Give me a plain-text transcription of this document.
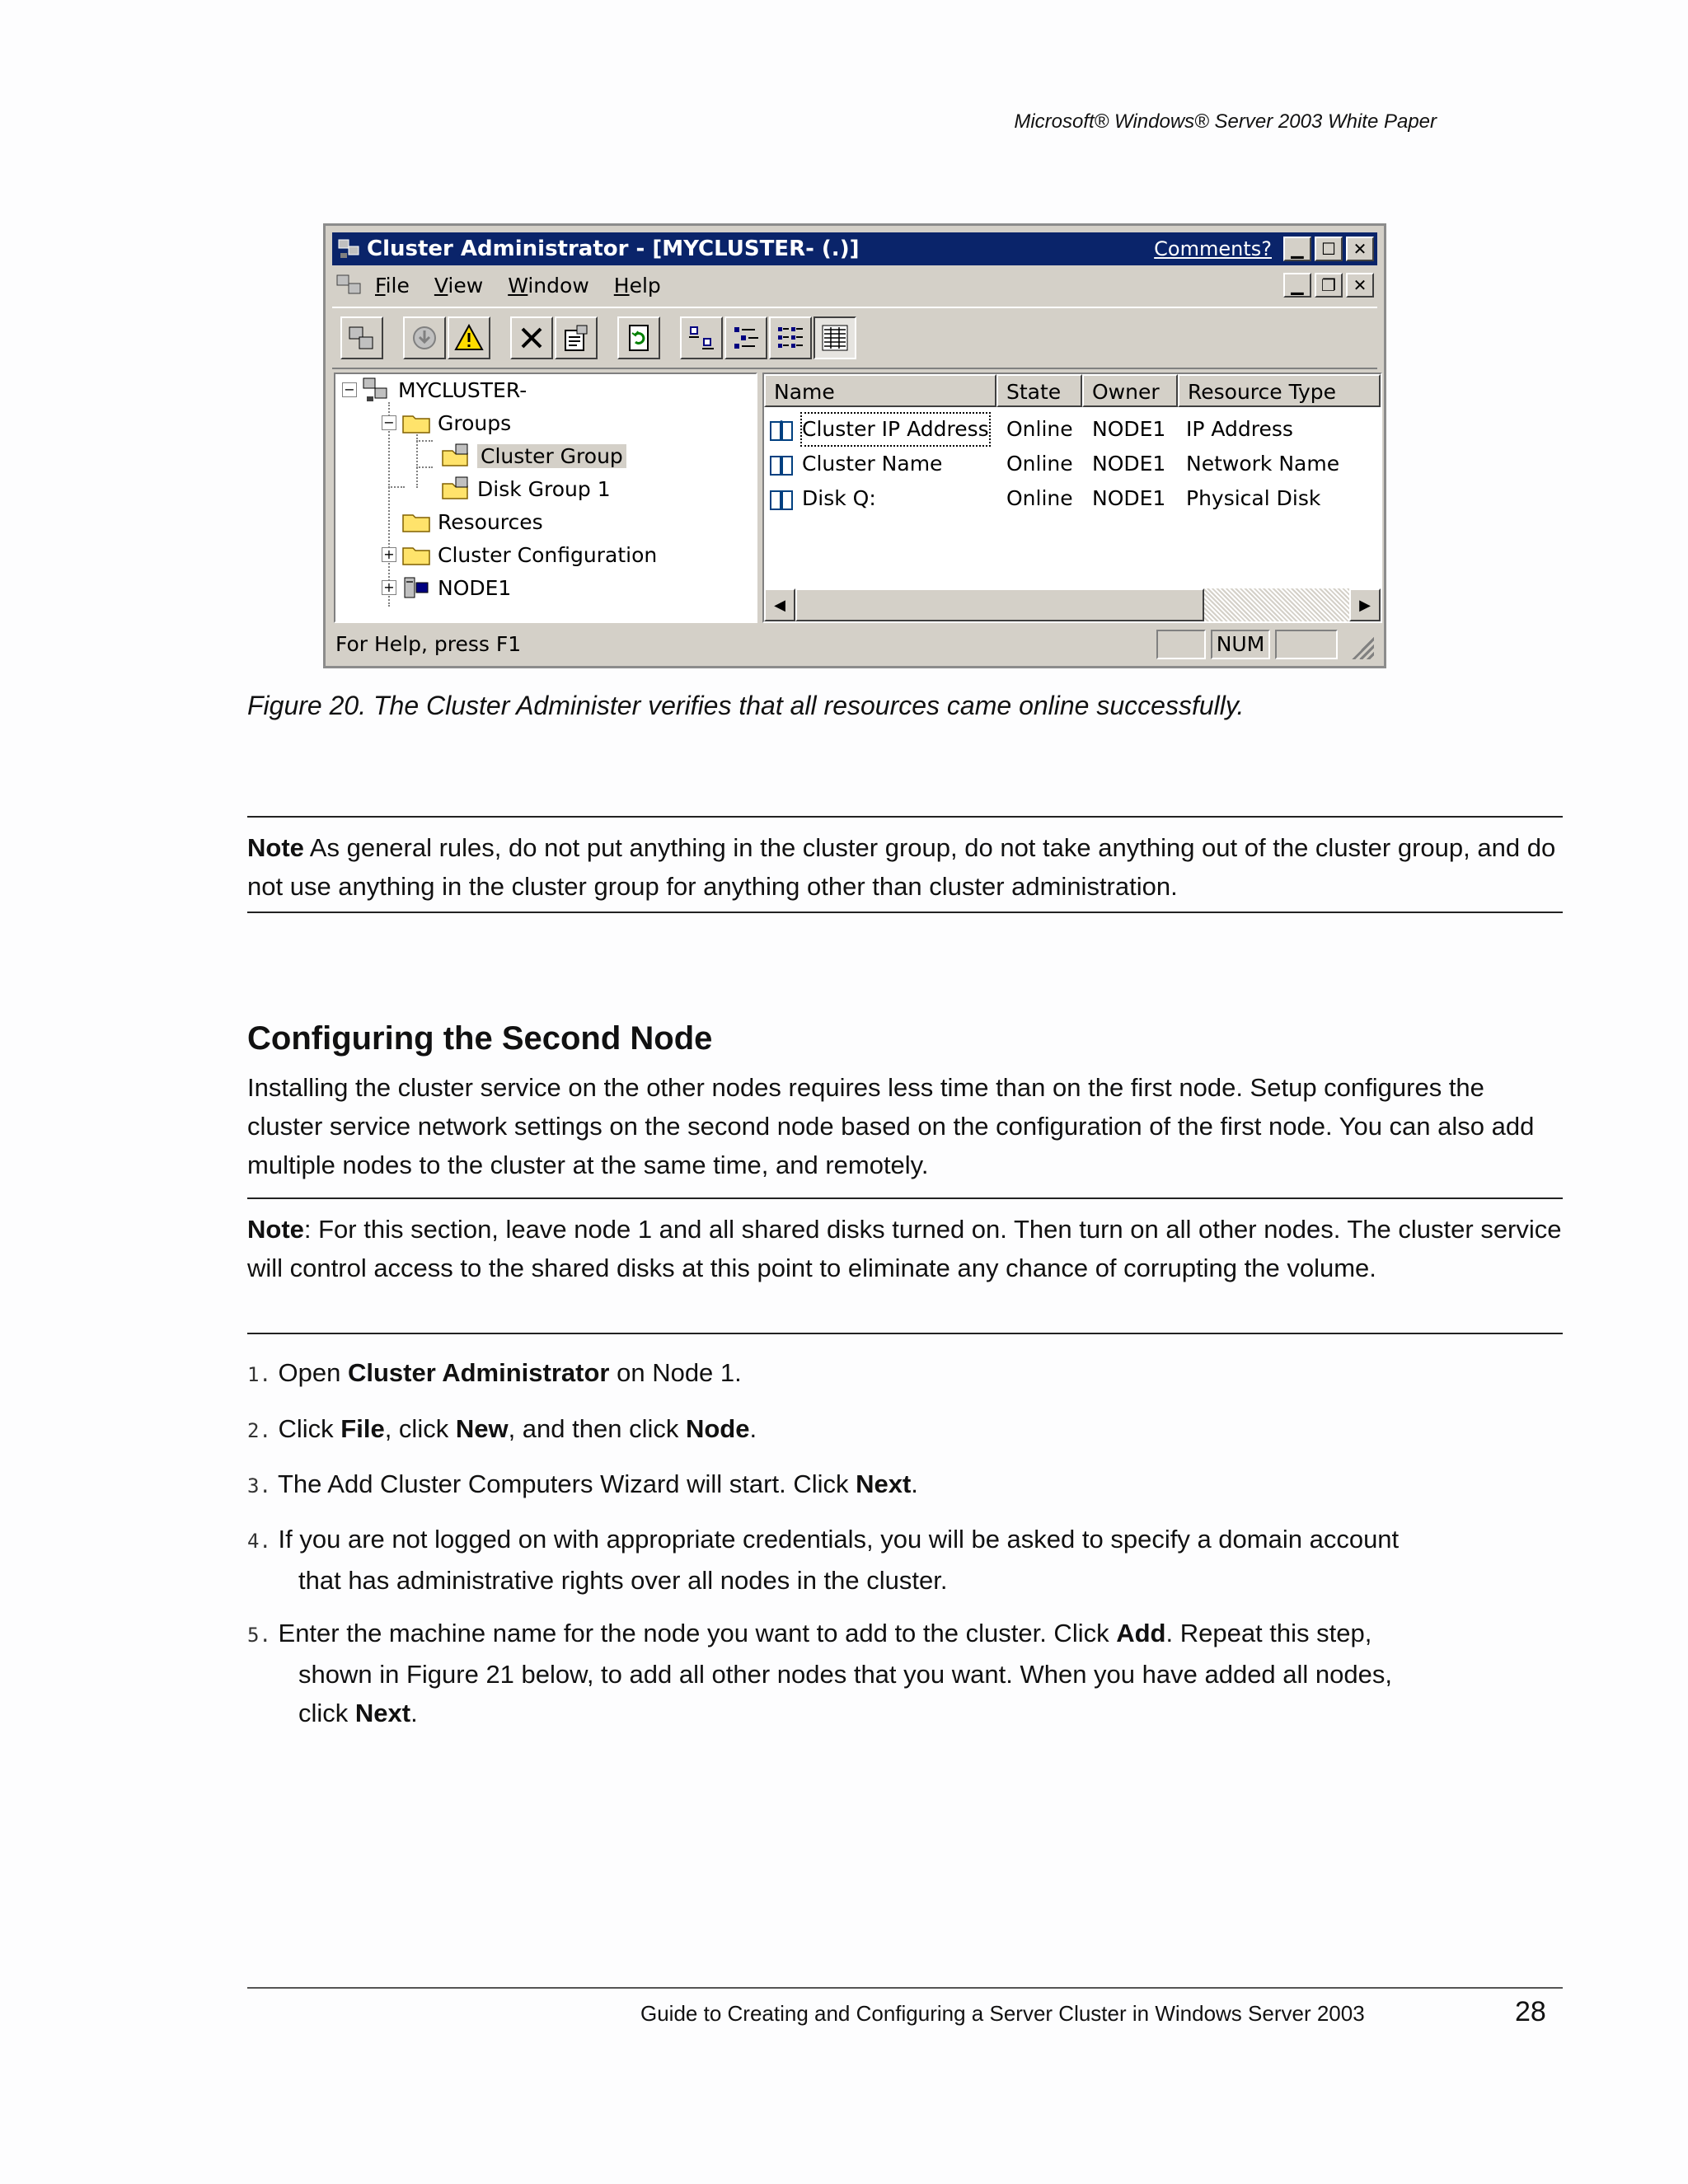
Microsoft® Windows® Server 2003 White Paper
Cluster Administrator - [MYCLUSTER- (.)]	Comments? ▁ ☐ ✕
File View Window Help	▁ ❐ ✕
− MYCLUSTER-
− Groups
Cluster Group
Disk Group 1
Resources
+ Cluster Configuration
+ NODE1
Name	State	Owner	Resource Type
Cluster IP Address Online NODE1 IP Address
Cluster Name	Online NODE1 Network Name
Disk Q:	Online NODE1 Physical Disk
◀	▶
For Help, press F1	NUM
Figure 20. The Cluster Administer verifies that all resources came online successfully.
Note As general rules, do not put anything in the cluster group, do not take anything out of the cluster group, and do not use anything in the cluster group for anything other than cluster administration.
Configuring the Second Node
Installing the cluster service on the other nodes requires less time than on the first node. Setup configures the cluster service network settings on the second node based on the configuration of the first node. You can also add multiple nodes to the cluster at the same time, and remotely.
Note: For this section, leave node 1 and all shared disks turned on. Then turn on all other nodes. The cluster service will control access to the shared disks at this point to eliminate any chance of corrupting the volume.
1. Open Cluster Administrator on Node 1.
2. Click File, click New, and then click Node.
3. The Add Cluster Computers Wizard will start. Click Next.
4. If you are not logged on with appropriate credentials, you will be asked to specify a domain account
that has administrative rights over all nodes in the cluster.
5. Enter the machine name for the node you want to add to the cluster. Click Add. Repeat this step,
shown in Figure 21 below, to add all other nodes that you want. When you have added all nodes,
click Next.
Guide to Creating and Configuring a Server Cluster in Windows Server 2003	28
